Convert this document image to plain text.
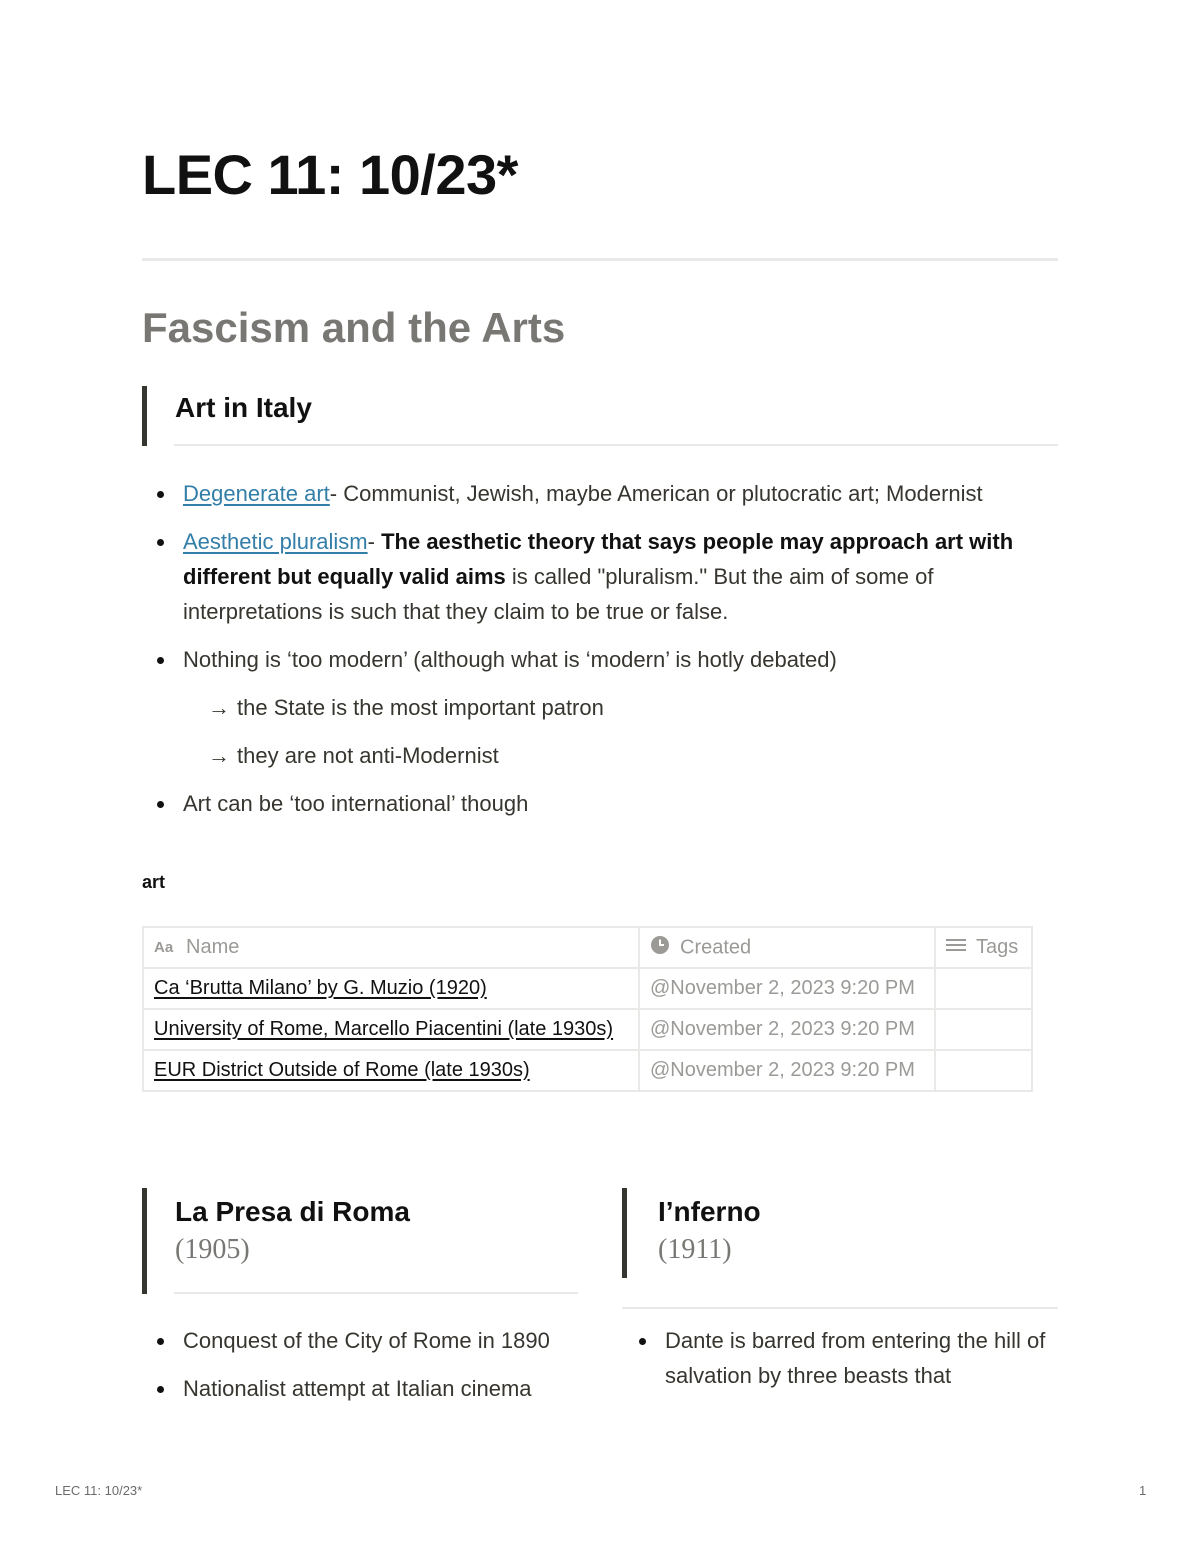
LEC 11: 10/23*
Fascism and the Arts
Art in Italy
Degenerate art- Communist, Jewish, maybe American or plutocratic art; Modernist
Aesthetic pluralism- The aesthetic theory that says people may approach art with different but equally valid aims is called "pluralism." But the aim of some of interpretations is such that they claim to be true or false.
Nothing is ‘too modern’ (although what is ‘modern’ is hotly debated)
→ the State is the most important patron
→ they are not anti-Modernist
Art can be ‘too international’ though
art
Aa Name	Created	Tags
Ca ‘Brutta Milano’ by G. Muzio (1920)	@November 2, 2023 9:20 PM	
University of Rome, Marcello Piacentini (late 1930s)	@November 2, 2023 9:20 PM	
EUR District Outside of Rome (late 1930s)	@November 2, 2023 9:20 PM	
La Presa di Roma
(1905)
Conquest of the City of Rome in 1890
Nationalist attempt at Italian cinema
I’nferno
(1911)
Dante is barred from entering the hill of salvation by three beasts that
LEC 11: 10/23*	1
